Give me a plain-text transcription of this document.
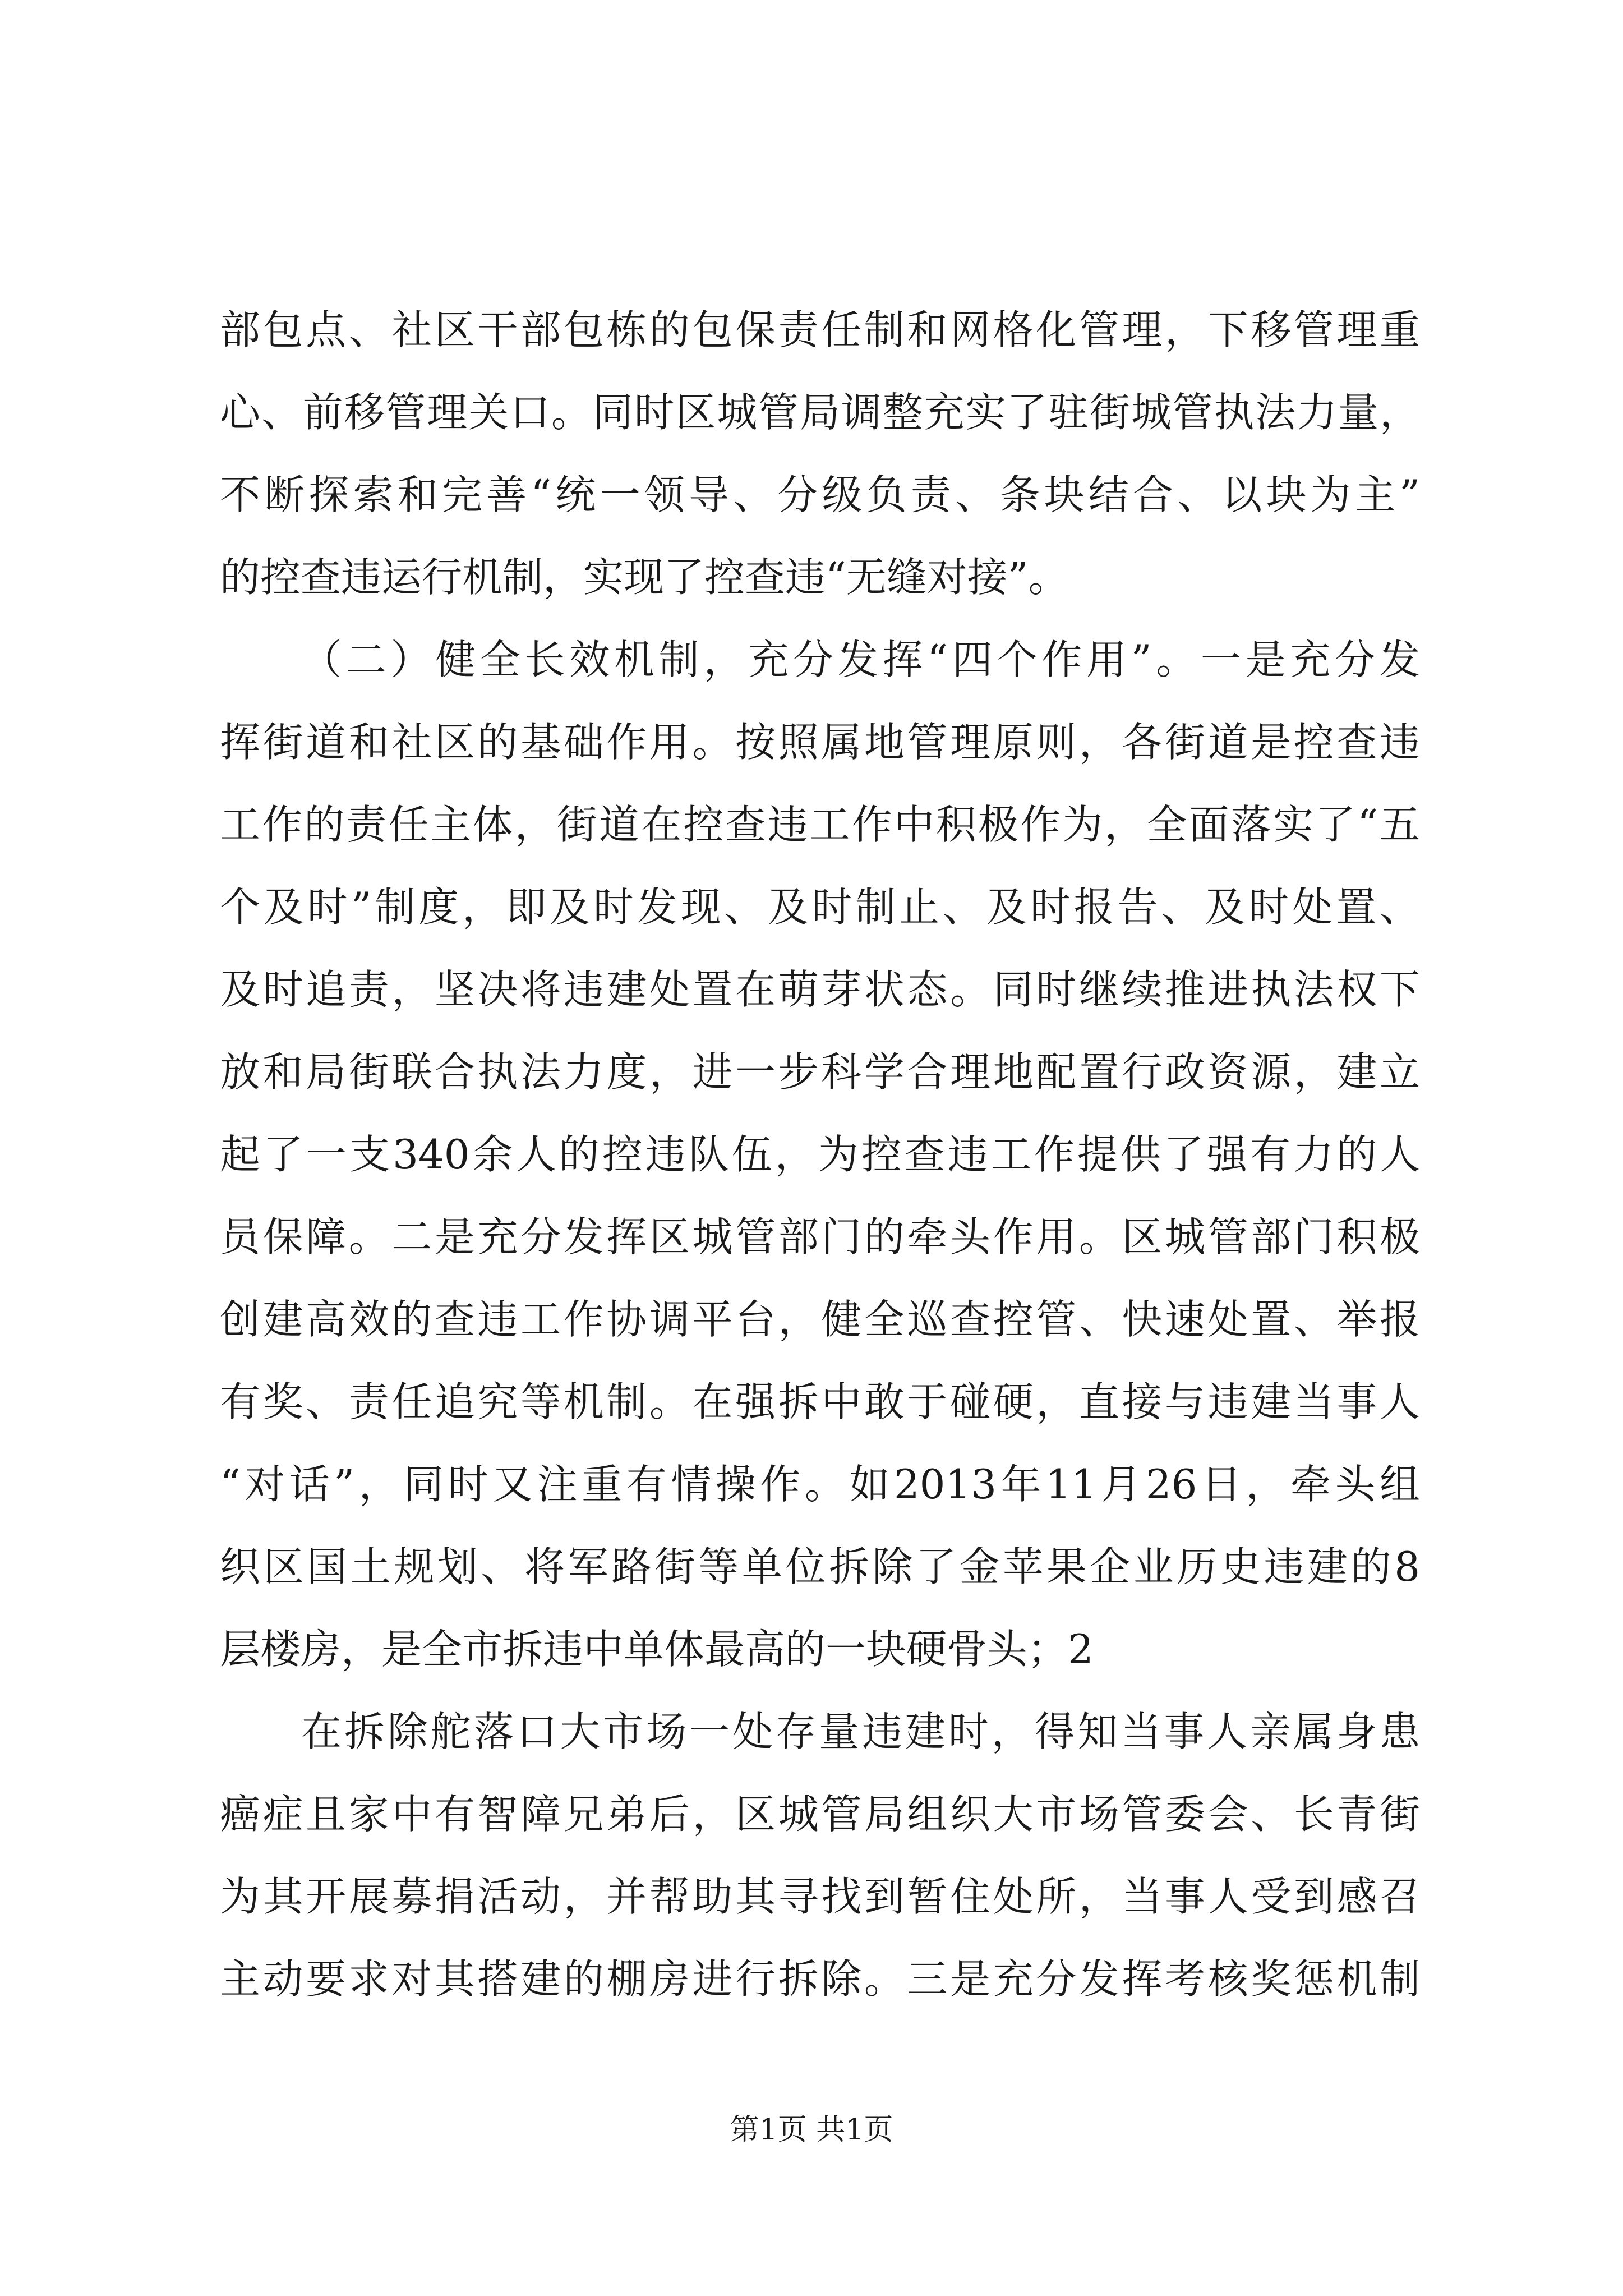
部包点、社区干部包栋的包保责任制和网格化管理，下移管理重
心、前移管理关口。同时区城管局调整充实了驻街城管执法力量，
不断探索和完善“统一领导、分级负责、条块结合、以块为主”
的控查违运行机制，实现了控查违“无缝对接”。
（二）健全长效机制，充分发挥“四个作用”。一是充分发
挥街道和社区的基础作用。按照属地管理原则，各街道是控查违
工作的责任主体，街道在控查违工作中积极作为，全面落实了“五
个及时”制度，即及时发现、及时制止、及时报告、及时处置、
及时追责，坚决将违建处置在萌芽状态。同时继续推进执法权下
放和局街联合执法力度，进一步科学合理地配置行政资源，建立
起了一支340余人的控违队伍，为控查违工作提供了强有力的人
员保障。二是充分发挥区城管部门的牵头作用。区城管部门积极
创建高效的查违工作协调平台，健全巡查控管、快速处置、举报
有奖、责任追究等机制。在强拆中敢于碰硬，直接与违建当事人
“对话”，同时又注重有情操作。如2013年11月26日，牵头组
织区国土规划、将军路街等单位拆除了金苹果企业历史违建的8
层楼房，是全市拆违中单体最高的一块硬骨头；2
在拆除舵落口大市场一处存量违建时，得知当事人亲属身患
癌症且家中有智障兄弟后，区城管局组织大市场管委会、长青街
为其开展募捐活动，并帮助其寻找到暂住处所，当事人受到感召
主动要求对其搭建的棚房进行拆除。三是充分发挥考核奖惩机制
第1页 共1页
